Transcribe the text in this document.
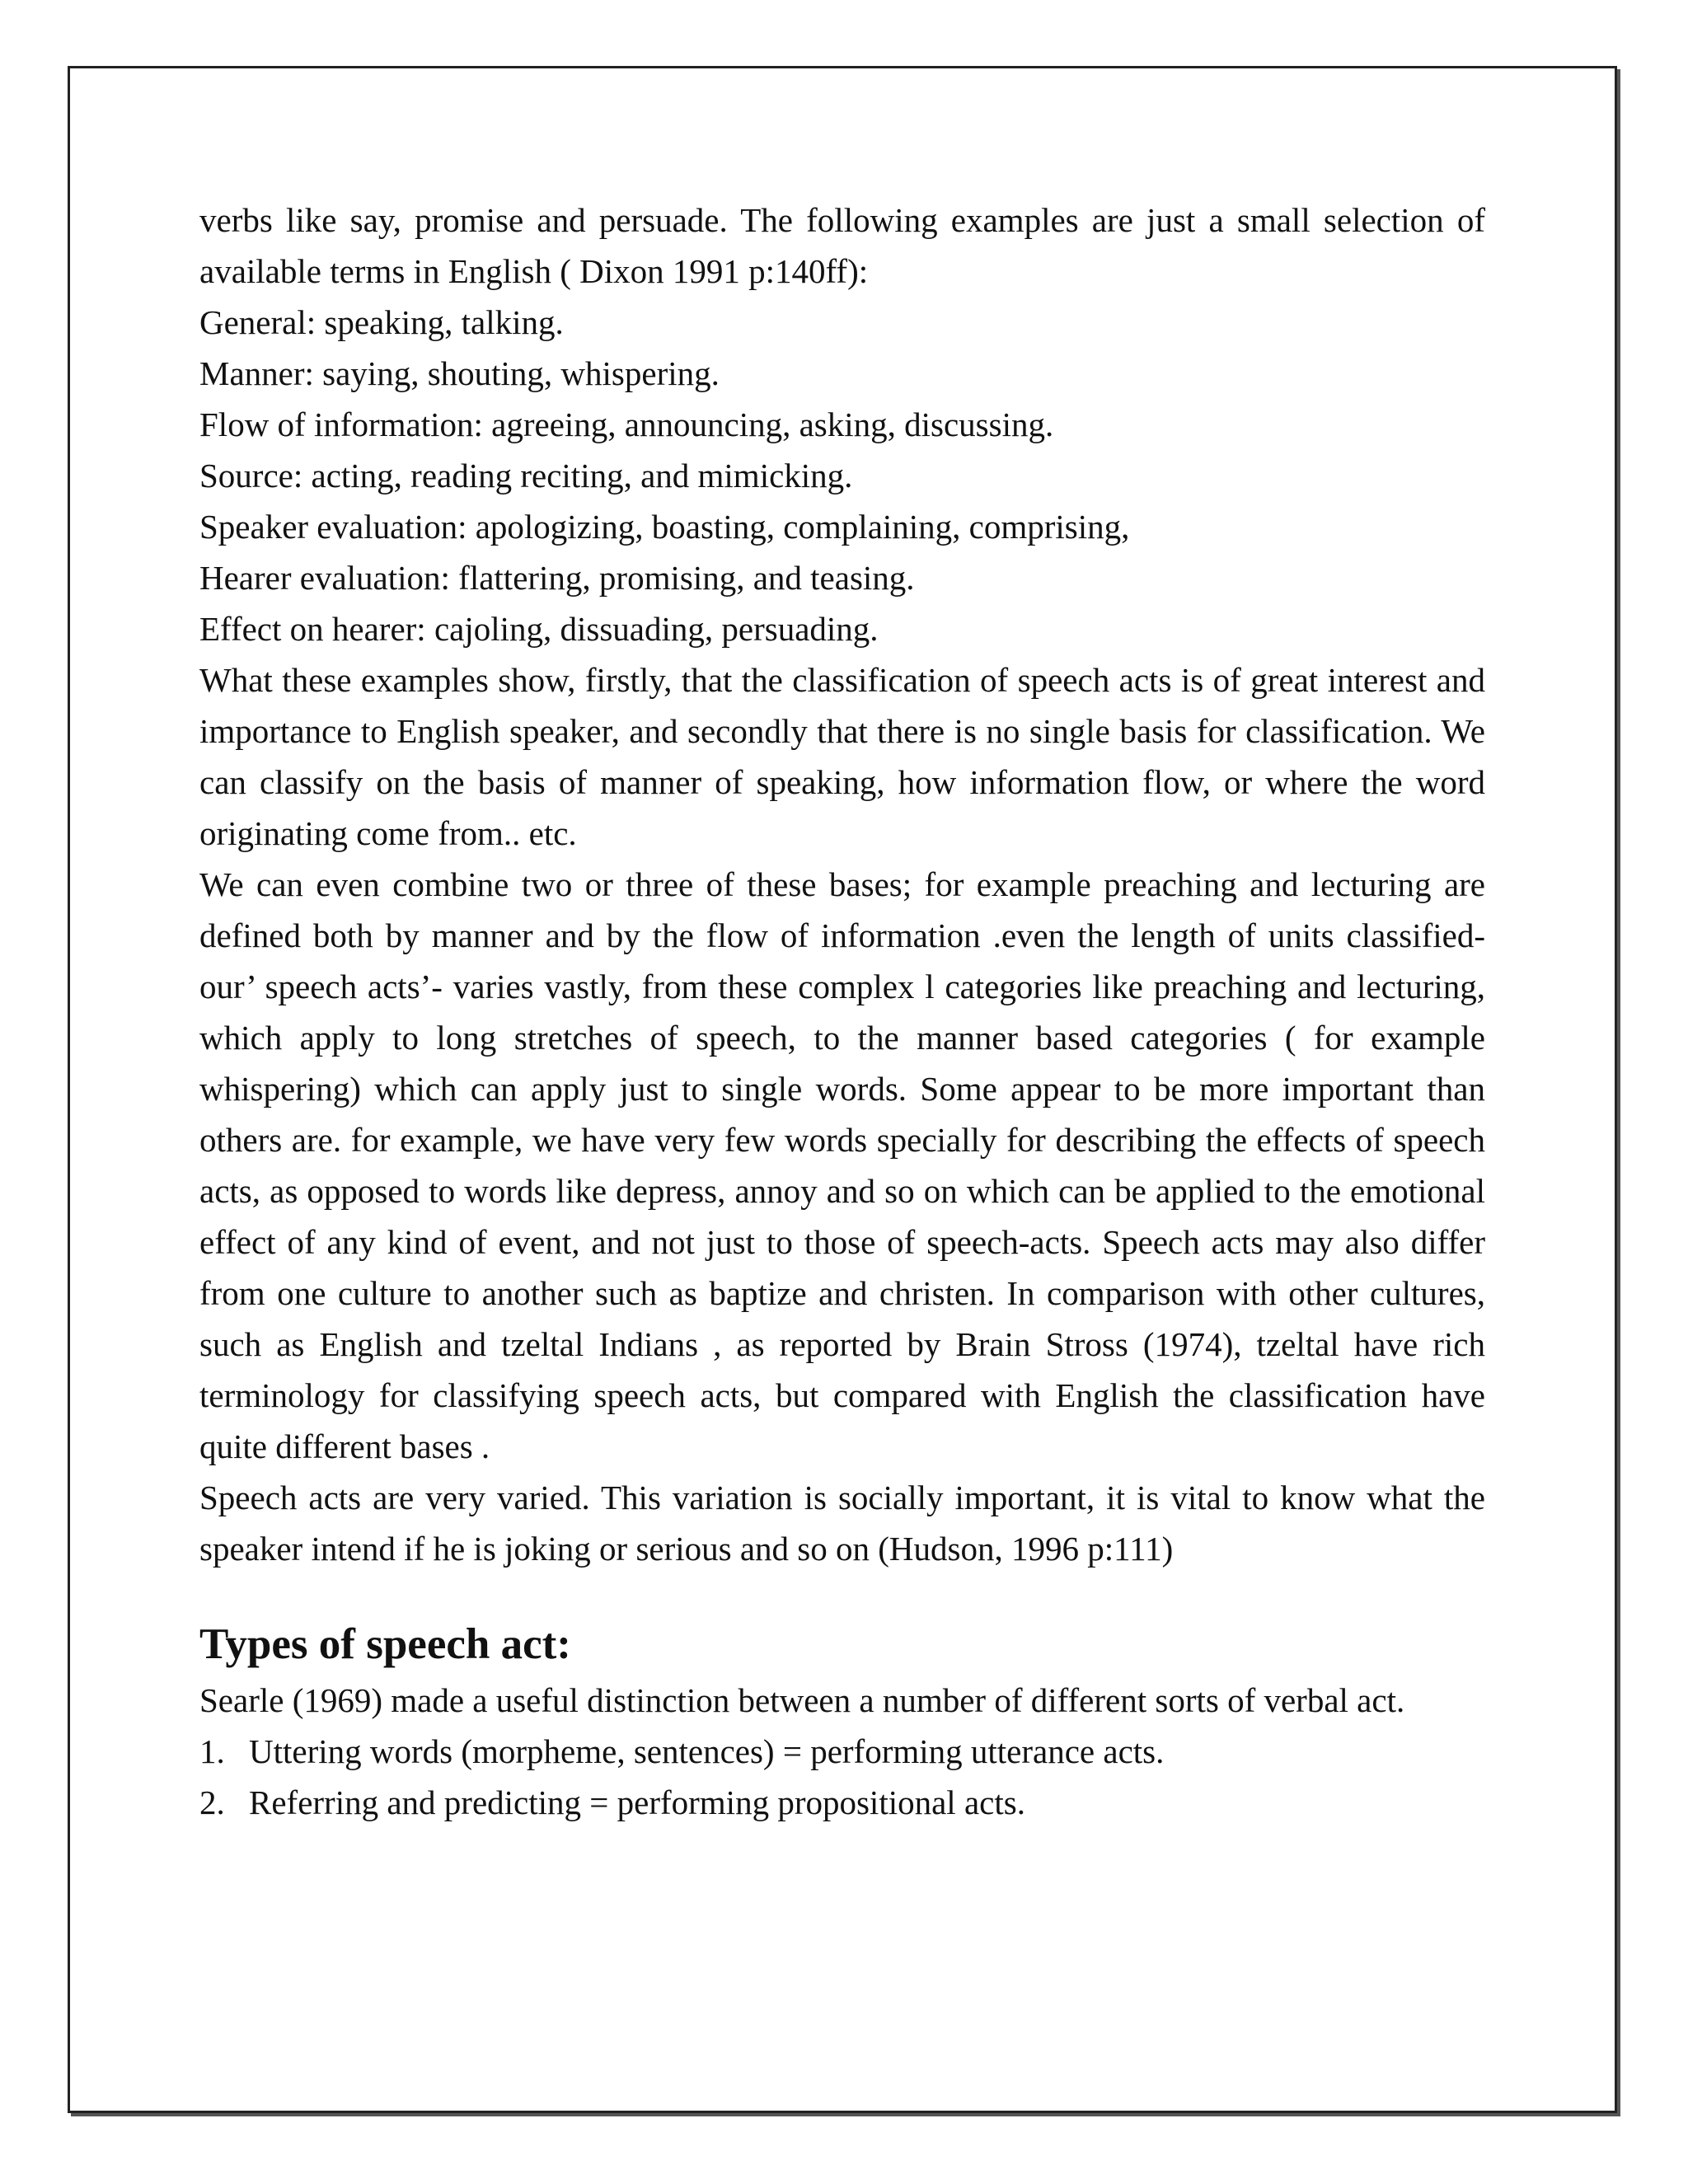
verbs like say, promise and persuade. The following examples are just a small selection of available terms in English ( Dixon 1991 p:140ff):

General: speaking, talking.
Manner: saying, shouting, whispering.
Flow of information: agreeing, announcing, asking, discussing.
Source: acting, reading reciting, and mimicking.
Speaker evaluation: apologizing, boasting, complaining, comprising,
Hearer evaluation: flattering, promising, and teasing.
Effect on hearer: cajoling, dissuading, persuading.

What these examples show, firstly, that the classification of speech acts is of great interest and importance to English speaker, and secondly that there is no single basis for classification. We can classify on the basis of manner of speaking, how information flow, or where the word originating come from.. etc.

We can even combine two or three of these bases; for example preaching and lecturing are defined both by manner and by the flow of information .even the length of units classified- our’ speech acts’- varies vastly, from these complex l categories like preaching and lecturing, which apply to long stretches of speech, to the manner based categories ( for example whispering) which can apply just to single words. Some appear to be more important than others are. for example, we have very few words specially for describing the effects of speech acts, as opposed to words like depress, annoy and so on which can be applied to the emotional effect of any kind of event, and not just to those of speech-acts. Speech acts may also differ from one culture to another such as baptize and christen. In comparison with other cultures, such as English and tzeltal Indians , as reported by Brain Stross (1974), tzeltal have rich terminology for classifying speech acts, but compared with English the classification have quite different bases .

Speech acts are very varied. This variation is socially important, it is vital to know what the speaker intend if he is joking or serious and so on (Hudson, 1996 p:111)

Types of speech act:

Searle (1969) made a useful distinction between a number of different sorts of verbal act.

1. Uttering words (morpheme, sentences) = performing utterance acts.
2. Referring and predicting = performing propositional acts.
